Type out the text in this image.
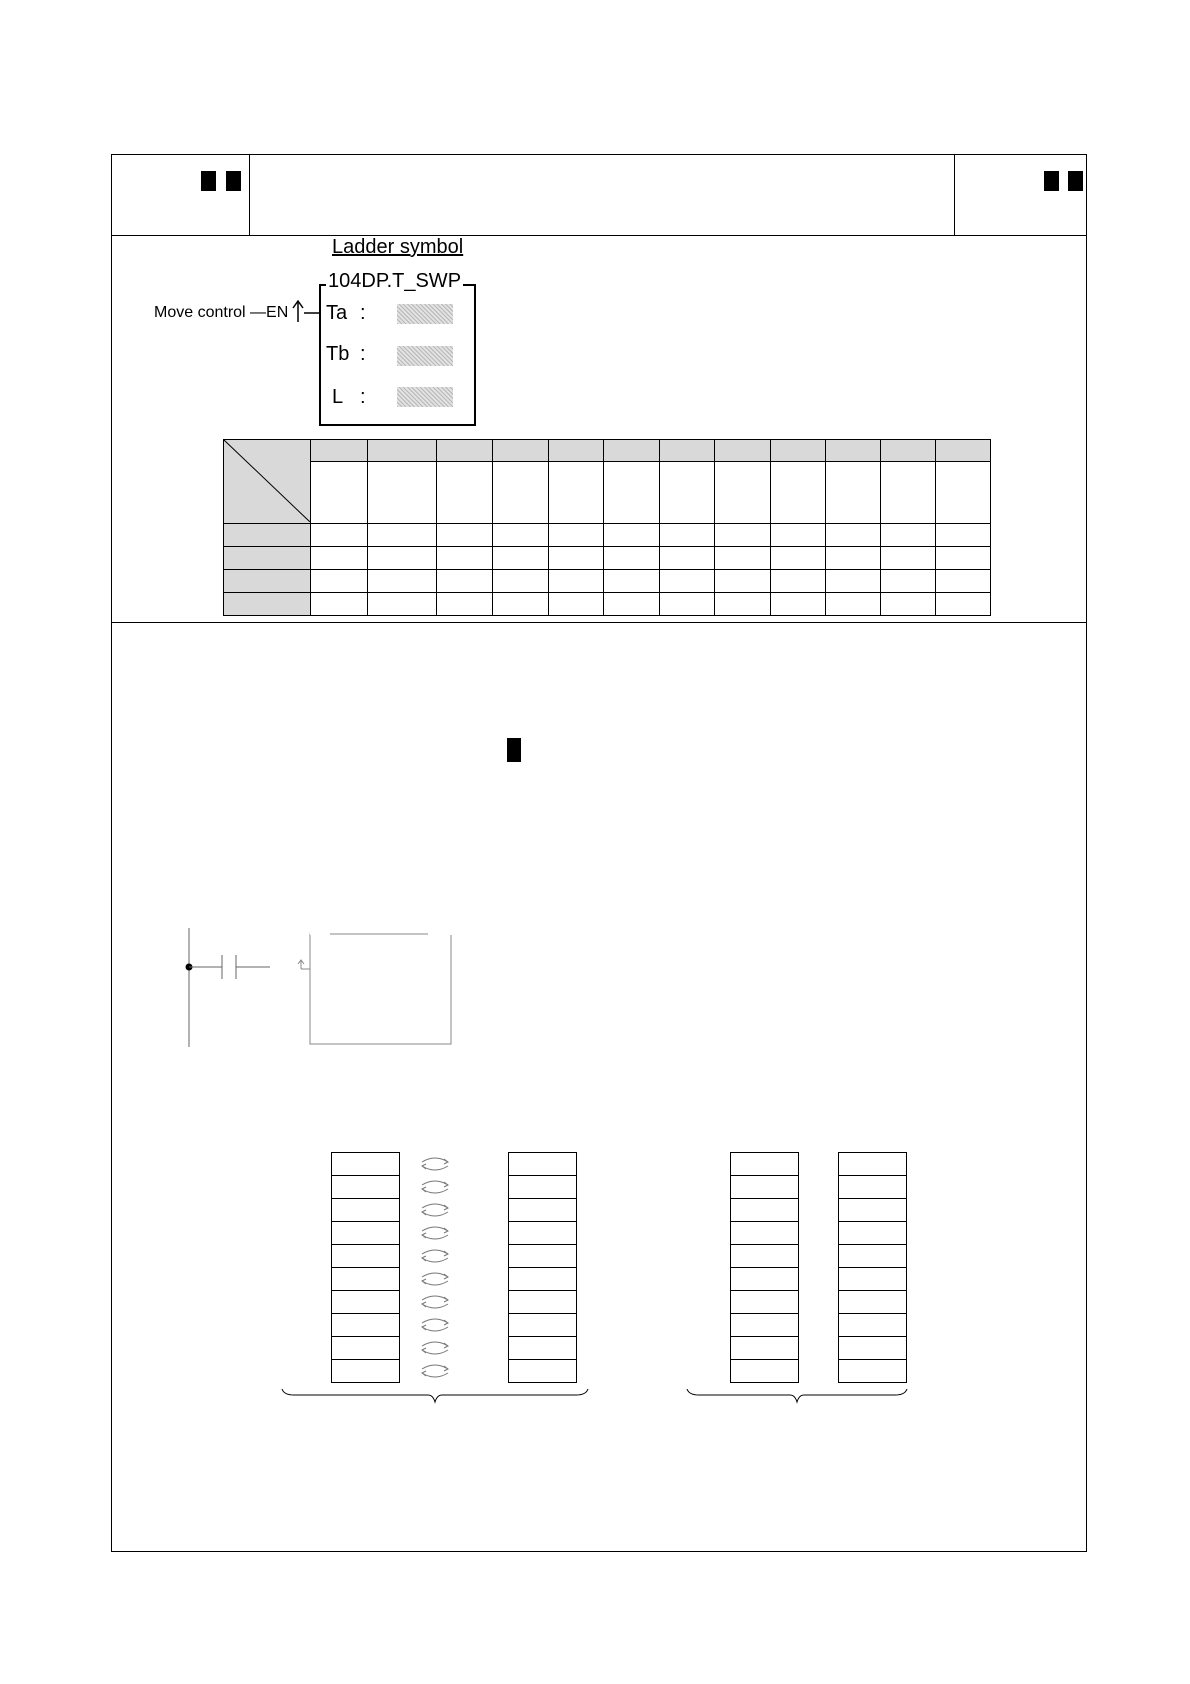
Ladder symbol
104DP.T_SWP
Move control —EN Ta :
Tb :
L :
